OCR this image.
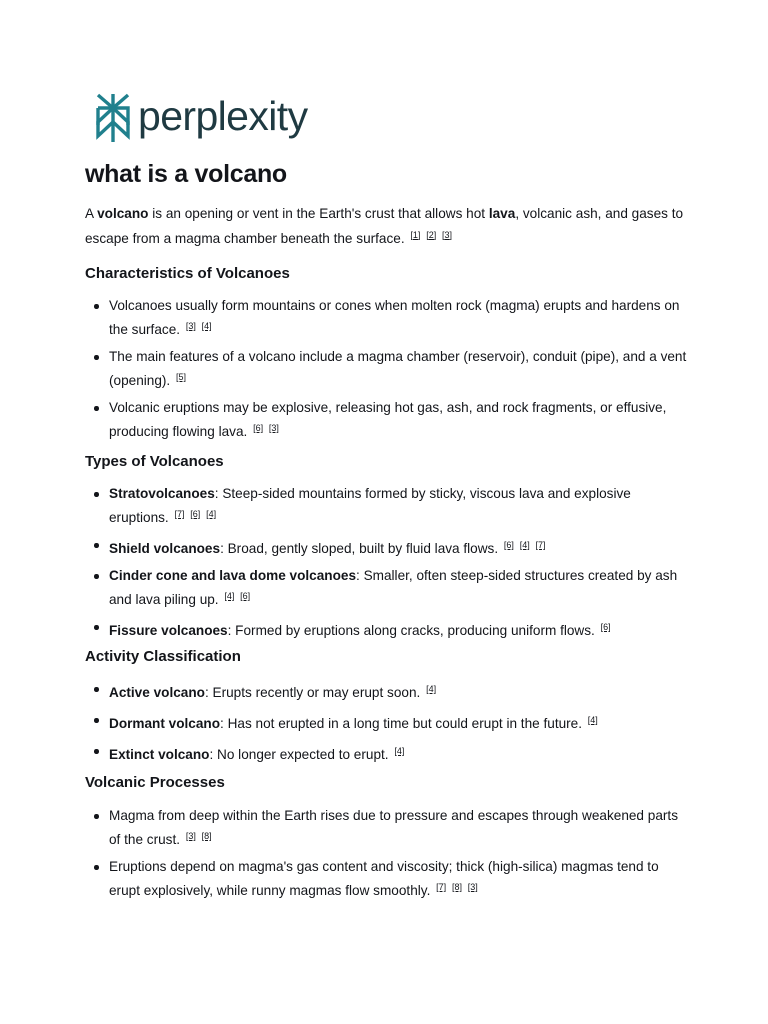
perplexity
what is a volcano

A volcano is an opening or vent in the Earth's crust that allows hot lava, volcanic ash, and gases to escape from a magma chamber beneath the surface. [1] [2] [3]

Characteristics of Volcanoes
Volcanoes usually form mountains or cones when molten rock (magma) erupts and hardens on the surface. [3] [4]
The main features of a volcano include a magma chamber (reservoir), conduit (pipe), and a vent (opening). [5]
Volcanic eruptions may be explosive, releasing hot gas, ash, and rock fragments, or effusive, producing flowing lava. [6] [3]
Types of Volcanoes
Stratovolcanoes: Steep-sided mountains formed by sticky, viscous lava and explosive eruptions. [7] [6] [4]
Shield volcanoes: Broad, gently sloped, built by fluid lava flows. [6] [4] [7]
Cinder cone and lava dome volcanoes: Smaller, often steep-sided structures created by ash and lava piling up. [4] [6]
Fissure volcanoes: Formed by eruptions along cracks, producing uniform flows. [6]
Activity Classification
Active volcano: Erupts recently or may erupt soon. [4]
Dormant volcano: Has not erupted in a long time but could erupt in the future. [4]
Extinct volcano: No longer expected to erupt. [4]
Volcanic Processes
Magma from deep within the Earth rises due to pressure and escapes through weakened parts of the crust. [3] [8]
Eruptions depend on magma's gas content and viscosity; thick (high-silica) magmas tend to erupt explosively, while runny magmas flow smoothly. [7] [8] [3]
